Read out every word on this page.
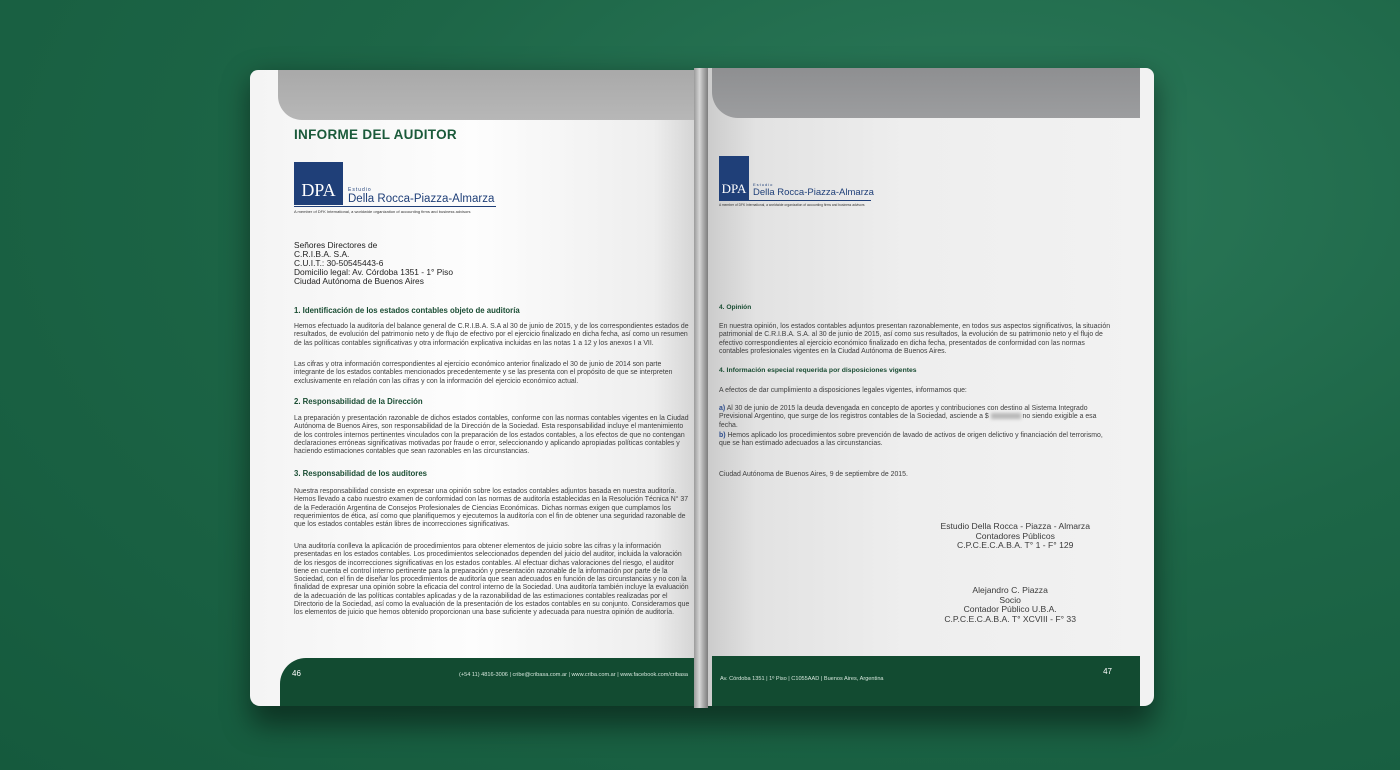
INFORME DEL AUDITOR
DPA	Estudio
Della Rocca-Piazza-Almarza
A member of DFK International, a worldwide organization of accounting firms and business advisors
Señores Directores de
C.R.I.B.A. S.A.
C.U.I.T.: 30-50545443-6
Domicilio legal: Av. Córdoba 1351 - 1° Piso
Ciudad Autónoma de Buenos Aires
1. Identificación de los estados contables objeto de auditoría
Hemos efectuado la auditoría del balance general de C.R.I.B.A. S.A al 30 de junio de 2015, y de los correspondientes estados de resultados, de evolución del patrimonio neto y de flujo de efectivo por el ejercicio finalizado en dicha fecha, así como un resumen de las políticas contables significativas y otra información explicativa incluidas en las notas 1 a 12 y los anexos I a VII.
Las cifras y otra información correspondientes al ejercicio económico anterior finalizado el 30 de junio de 2014 son parte integrante de los estados contables mencionados precedentemente y se las presenta con el propósito de que se interpreten exclusivamente en relación con las cifras y con la información del ejercicio económico actual.
2. Responsabilidad de la Dirección
La preparación y presentación razonable de dichos estados contables, conforme con las normas contables vigentes en la Ciudad Autónoma de Buenos Aires, son responsabilidad de la Dirección de la Sociedad. Esta responsabilidad incluye el mantenimiento de los controles internos pertinentes vinculados con la preparación de los estados contables, a los efectos de que no contengan declaraciones erróneas significativas motivadas por fraude o error, seleccionando y aplicando apropiadas políticas contables y haciendo estimaciones contables que sean razonables en las circunstancias.
3. Responsabilidad de los auditores
Nuestra responsabilidad consiste en expresar una opinión sobre los estados contables adjuntos basada en nuestra auditoría. Hemos llevado a cabo nuestro examen de conformidad con las normas de auditoría establecidas en la Resolución Técnica N° 37 de la Federación Argentina de Consejos Profesionales de Ciencias Económicas. Dichas normas exigen que cumplamos los requerimientos de ética, así como que planifiquemos y ejecutemos la auditoría con el fin de obtener una seguridad razonable de que los estados contables están libres de incorrecciones significativas.
Una auditoría conlleva la aplicación de procedimientos para obtener elementos de juicio sobre las cifras y la información presentadas en los estados contables. Los procedimientos seleccionados dependen del juicio del auditor, incluida la valoración de los riesgos de incorrecciones significativas en los estados contables. Al efectuar dichas valoraciones del riesgo, el auditor tiene en cuenta el control interno pertinente para la preparación y presentación razonable de la información por parte de la Sociedad, con el fin de diseñar los procedimientos de auditoría que sean adecuados en función de las circunstancias y no con la finalidad de expresar una opinión sobre la eficacia del control interno de la Sociedad. Una auditoría también incluye la evaluación de la adecuación de las políticas contables aplicadas y de la razonabilidad de las estimaciones contables realizadas por el Directorio de la Sociedad, así como la evaluación de la presentación de los estados contables en su conjunto. Consideramos que los elementos de juicio que hemos obtenido proporcionan una base suficiente y adecuada para nuestra opinión de auditoría.
46	(+54 11) 4816-3006 | cribe@cribasa.com.ar | www.criba.com.ar | www.facebook.com/cribasa
DPA	Estudio
Della Rocca-Piazza-Almarza
A member of DFK International, a worldwide organization of accounting firms and business advisors
4. Opinión
En nuestra opinión, los estados contables adjuntos presentan razonablemente, en todos sus aspectos significativos, la situación patrimonial de C.R.I.B.A. S.A. al 30 de junio de 2015, así como sus resultados, la evolución de su patrimonio neto y el flujo de efectivo correspondientes al ejercicio económico finalizado en dicha fecha, presentados de conformidad con las normas contables profesionales vigentes en la Ciudad Autónoma de Buenos Aires.
4. Información especial requerida por disposiciones vigentes
A efectos de dar cumplimiento a disposiciones legales vigentes, informamos que:
a) Al 30 de junio de 2015 la deuda devengada en concepto de aportes y contribuciones con destino al Sistema Integrado Previsional Argentino, que surge de los registros contables de la Sociedad, asciende a $	no siendo exigible a esa fecha.
b) Hemos aplicado los procedimientos sobre prevención de lavado de activos de origen delictivo y financiación del terrorismo, que se han estimado adecuados a las circunstancias.
Ciudad Autónoma de Buenos Aires, 9 de septiembre de 2015.
Estudio Della Rocca - Piazza - Almarza
Contadores Públicos
C.P.C.E.C.A.B.A. T° 1 - F° 129
Alejandro C. Piazza
Socio
Contador Público U.B.A.
C.P.C.E.C.A.B.A. T° XCVIII - F° 33
Av. Córdoba 1351 | 1º Piso | C1055AAD | Buenos Aires, Argentina
47
